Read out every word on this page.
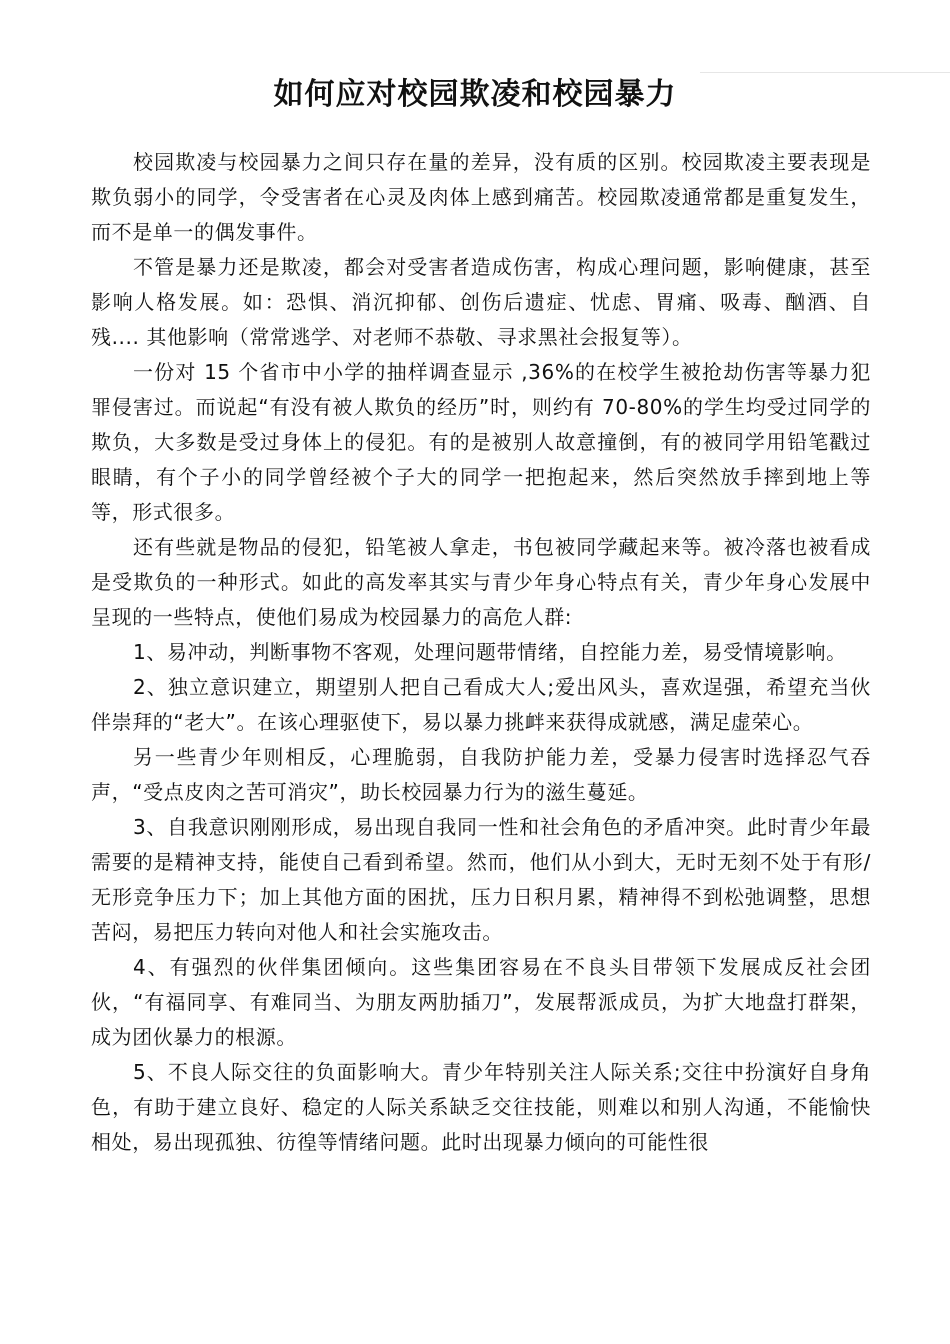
如何应对校园欺凌和校园暴力

校园欺凌与校园暴力之间只存在量的差异，没有质的区别。校园欺凌主要表现是欺负弱小的同学，令受害者在心灵及肉体上感到痛苦。校园欺凌通常都是重复发生，而不是单一的偶发事件。

不管是暴力还是欺凌，都会对受害者造成伤害，构成心理问题，影响健康，甚至影响人格发展。如：恐惧、消沉抑郁、创伤后遗症、忧虑、胃痛、吸毒、酗酒、自残.... 其他影响（常常逃学、对老师不恭敬、寻求黑社会报复等）。

一份对 15 个省市中小学的抽样调查显示 ,36%的在校学生被抢劫伤害等暴力犯罪侵害过。而说起“有没有被人欺负的经历”时，则约有 70-80%的学生均受过同学的欺负，大多数是受过身体上的侵犯。有的是被别人故意撞倒，有的被同学用铅笔戳过眼睛，有个子小的同学曾经被个子大的同学一把抱起来，然后突然放手摔到地上等等，形式很多。

还有些就是物品的侵犯，铅笔被人拿走，书包被同学藏起来等。被冷落也被看成是受欺负的一种形式。如此的高发率其实与青少年身心特点有关，青少年身心发展中呈现的一些特点，使他们易成为校园暴力的高危人群:

1、易冲动，判断事物不客观，处理问题带情绪，自控能力差，易受情境影响。

2、独立意识建立，期望别人把自己看成大人;爱出风头，喜欢逞强，希望充当伙伴崇拜的“老大”。在该心理驱使下，易以暴力挑衅来获得成就感，满足虚荣心。

另一些青少年则相反，心理脆弱，自我防护能力差，受暴力侵害时选择忍气吞声，“受点皮肉之苦可消灾”，助长校园暴力行为的滋生蔓延。

3、自我意识刚刚形成，易出现自我同一性和社会角色的矛盾冲突。此时青少年最需要的是精神支持，能使自己看到希望。然而，他们从小到大，无时无刻不处于有形/无形竞争压力下；加上其他方面的困扰，压力日积月累，精神得不到松弛调整，思想苦闷，易把压力转向对他人和社会实施攻击。

4、有强烈的伙伴集团倾向。这些集团容易在不良头目带领下发展成反社会团伙，“有福同享、有难同当、为朋友两肋插刀”，发展帮派成员，为扩大地盘打群架，成为团伙暴力的根源。

5、不良人际交往的负面影响大。青少年特别关注人际关系;交往中扮演好自身角色，有助于建立良好、稳定的人际关系缺乏交往技能，则难以和别人沟通，不能愉快相处，易出现孤独、彷徨等情绪问题。此时出现暴力倾向的可能性很
